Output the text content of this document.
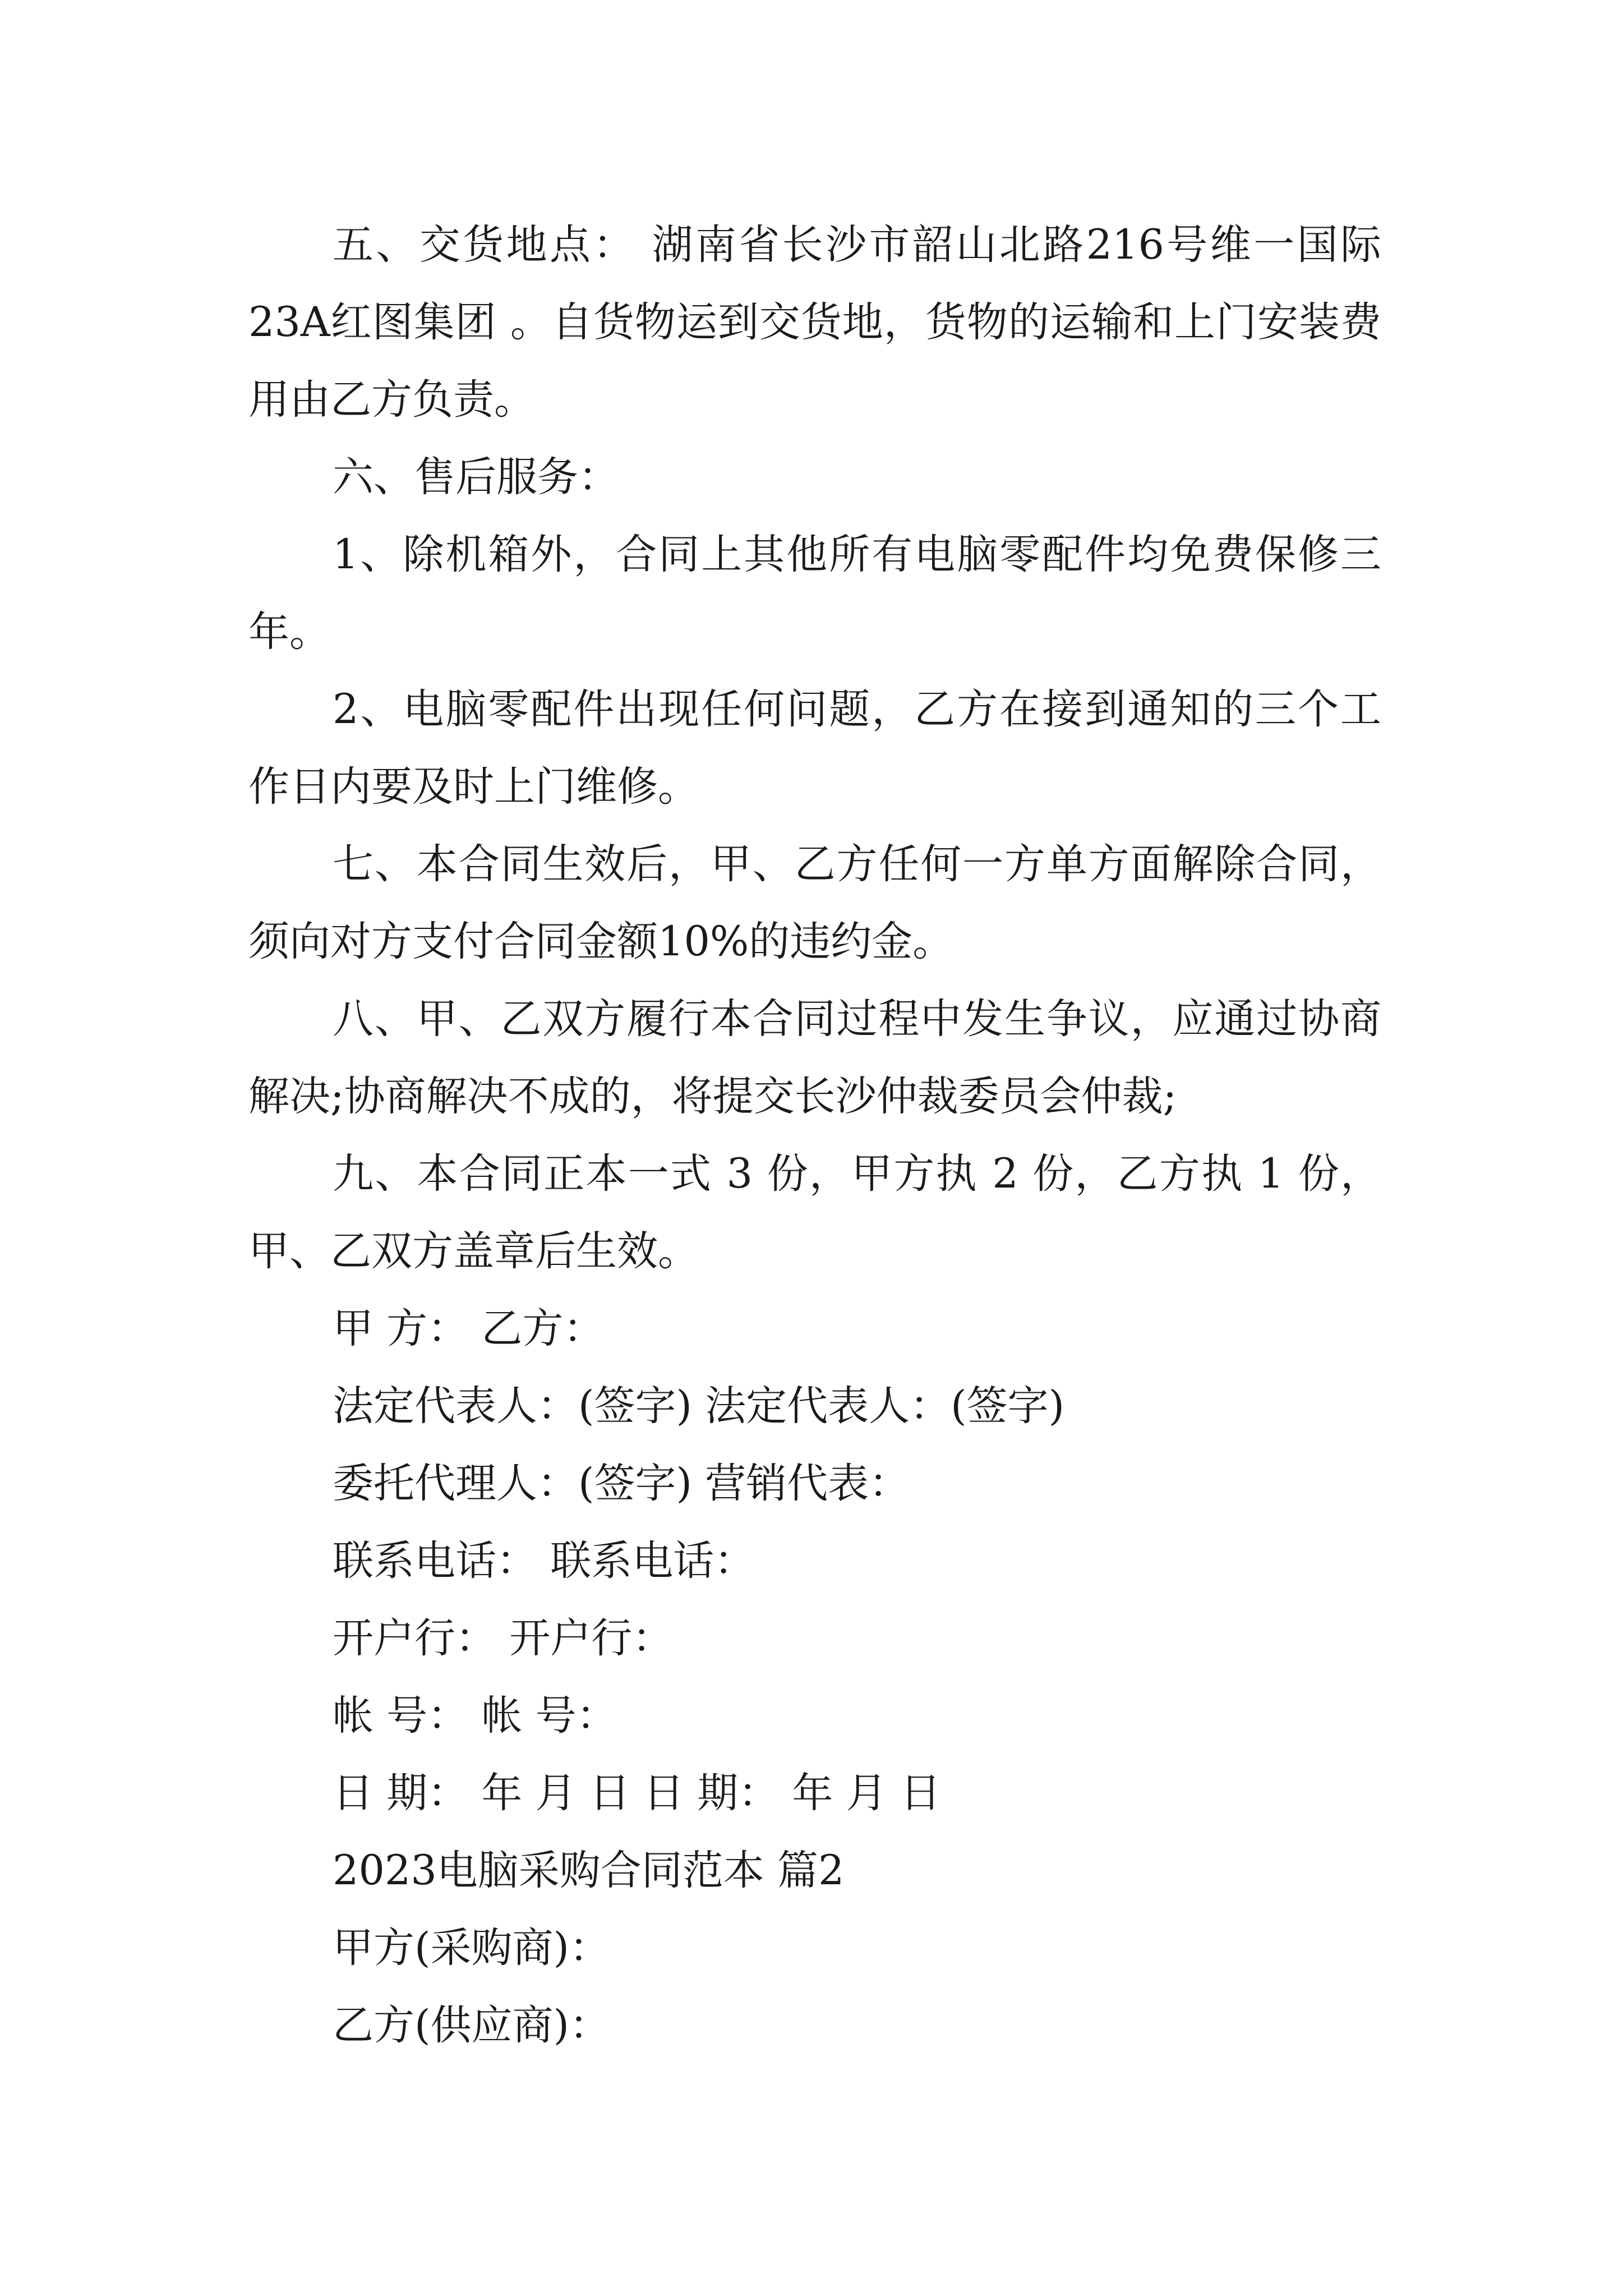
五、交货地点： 湖南省长沙市韶山北路216号维一国际23A红图集团 。自货物运到交货地，货物的运输和上门安装费用由乙方负责。

六、售后服务：

1、除机箱外，合同上其他所有电脑零配件均免费保修三年。

2、电脑零配件出现任何问题，乙方在接到通知的三个工作日内要及时上门维修。

七、本合同生效后，甲、乙方任何一方单方面解除合同，须向对方支付合同金额10%的违约金。

八、甲、乙双方履行本合同过程中发生争议，应通过协商解决;协商解决不成的，将提交长沙仲裁委员会仲裁;

九、本合同正本一式 3 份，甲方执 2 份，乙方执 1 份，甲、乙双方盖章后生效。

甲 方： 乙方：

法定代表人：(签字) 法定代表人：(签字)

委托代理人：(签字) 营销代表：

联系电话： 联系电话：

开户行： 开户行：

帐 号： 帐 号：

日 期： 年 月 日 日 期： 年 月 日

2023电脑采购合同范本 篇2

甲方(采购商)：

乙方(供应商)：
